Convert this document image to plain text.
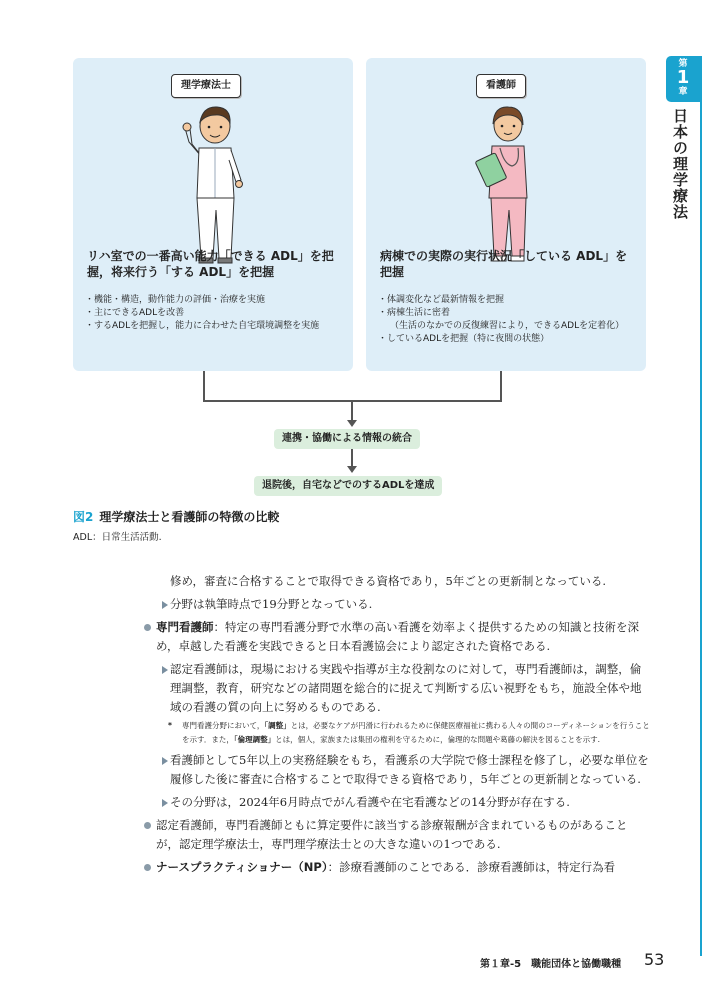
第
1
章
日本の理学療法
理学療法士
リハ室での一番高い能力「できる ADL」を把握，将来行う「する ADL」を把握
・機能・構造，動作能力の評価・治療を実施
・主にできるADLを改善
・するADLを把握し，能力に合わせた自宅環境調整を実施
看護師
病棟での実際の実行状況「している ADL」を把握
・体調変化など最新情報を把握
・病棟生活に密着
（生活のなかでの反復練習により，できるADLを定着化）
・しているADLを把握（特に夜間の状態）
連携・協働による情報の統合
退院後，自宅などでのするADLを達成
図2 理学療法士と看護師の特徴の比較
ADL：日常生活活動.

修め，審査に合格することで取得できる資格であり，5年ごとの更新制となっている.

分野は執筆時点で19分野となっている.

専門看護師：特定の専門看護分野で水準の高い看護を効率よく提供するための知識と技術を深め，卓越した看護を実践できると日本看護協会により認定された資格である.

認定看護師は，現場における実践や指導が主な役割なのに対して，専門看護師は，調整，倫理調整，教育，研究などの諸問題を総合的に捉えて判断する広い視野をもち，施設全体や地域の看護の質の向上に努めるものである.

* 専門看護分野において，「調整」とは，必要なケアが円滑に行われるために保健医療福祉に携わる人々の間のコーディネーションを行うことを示す．また，「倫理調整」とは，個人，家族または集団の権利を守るために，倫理的な問題や葛藤の解決を図ることを示す.

看護師として5年以上の実務経験をもち，看護系の大学院で修士課程を修了し，必要な単位を履修した後に審査に合格することで取得できる資格であり，5年ごとの更新制となっている.

その分野は，2024年6月時点でがん看護や在宅看護などの14分野が存在する.

認定看護師，専門看護師ともに算定要件に該当する診療報酬が含まれているものがあることが，認定理学療法士，専門理学療法士との大きな違いの1つである.

ナースプラクティショナー（NP）：診療看護師のことである．診療看護師は，特定行為看

第１章-5　職能団体と協働職種 53
